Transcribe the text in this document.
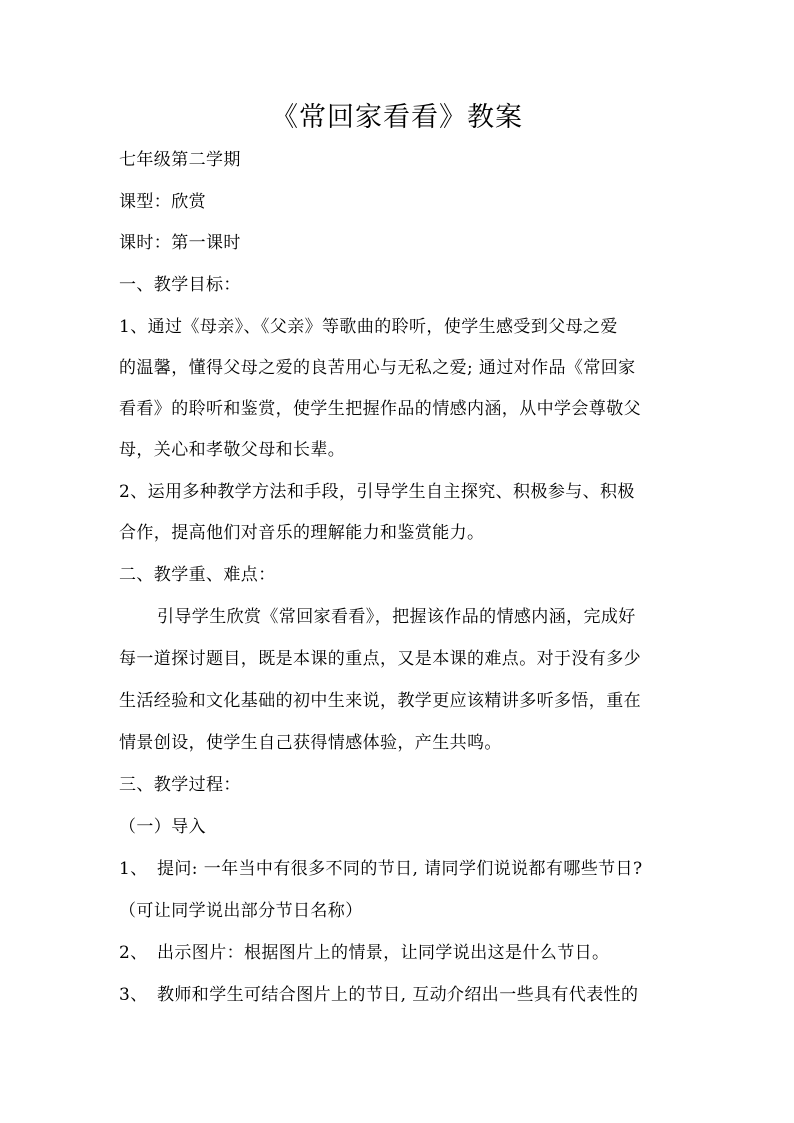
《常回家看看》教案
七年级第二学期
课型：欣赏
课时：第一课时
一、教学目标：
1、通过《母亲》、《父亲》等歌曲的聆听，使学生感受到父母之爱
的温馨，懂得父母之爱的良苦用心与无私之爱; 通过对作品《常回家
看看》的聆听和鉴赏，使学生把握作品的情感内涵，从中学会尊敬父
母，关心和孝敬父母和长辈。
2、运用多种教学方法和手段，引导学生自主探究、积极参与、积极
合作，提高他们对音乐的理解能力和鉴赏能力。
二、教学重、难点：
引导学生欣赏《常回家看看》，把握该作品的情感内涵，完成好
每一道探讨题目，既是本课的重点，又是本课的难点。对于没有多少
生活经验和文化基础的初中生来说，教学更应该精讲多听多悟，重在
情景创设，使学生自己获得情感体验，产生共鸣。
三、教学过程：
（一）导入
1、 提问: 一年当中有很多不同的节日, 请同学们说说都有哪些节日?
（可让同学说出部分节日名称）
2、 出示图片：根据图片上的情景，让同学说出这是什么节日。
3、 教师和学生可结合图片上的节日, 互动介绍出一些具有代表性的
